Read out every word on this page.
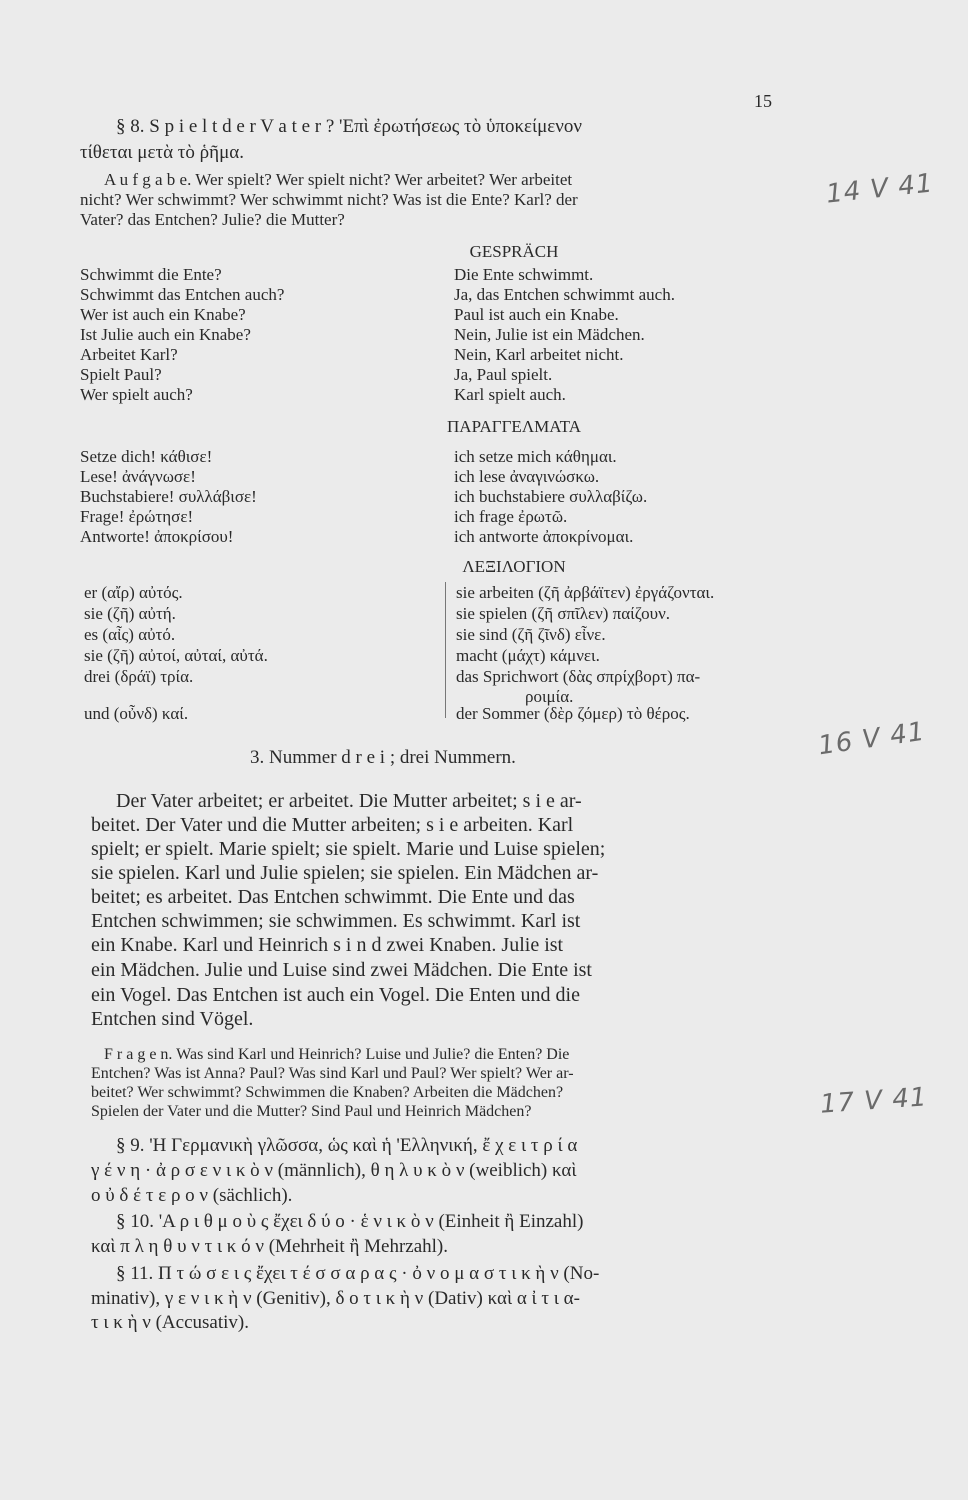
15
§ 8. S p i e l t d e r V a t e r ? 'Επὶ ἐρωτήσεως τὸ ὑποκείμενον
τίθεται μετὰ τὸ ῥῆμα.
A u f g a b e. Wer spielt? Wer spielt nicht? Wer arbeitet? Wer arbeitet
nicht? Wer schwimmt? Wer schwimmt nicht? Was ist die Ente? Karl? der
Vater? das Entchen? Julie? die Mutter?
GESPRÄCH
Schwimmt die Ente?
Schwimmt das Entchen auch?
Wer ist auch ein Knabe?
Ist Julie auch ein Knabe?
Arbeitet Karl?
Spielt Paul?
Wer spielt auch?
Die Ente schwimmt.
Ja, das Entchen schwimmt auch.
Paul ist auch ein Knabe.
Nein, Julie ist ein Mädchen.
Nein, Karl arbeitet nicht.
Ja, Paul spielt.
Karl spielt auch.
ΠΑΡΑΓΓΕΛΜΑΤΑ
Setze dich! κάθισε!
Lese! ἀνάγνωσε!
Buchstabiere! συλλάβισε!
Frage! ἐρώτησε!
Antworte! ἀποκρίσου!
ich setze mich κάθημαι.
ich lese ἀναγινώσκω.
ich buchstabiere συλλαβίζω.
ich frage ἐρωτῶ.
ich antworte ἀποκρίνομαι.
ΛΕΞΙΛΟΓΙΟΝ
er (αἴρ) αὐτός.
sie (ζῆ) αὐτή.
es (αἶς) αὐτό.
sie (ζῆ) αὐτοί, αὐταί, αὐτά.
drei (δράϊ) τρία.
und (οὖνδ) καί.
sie arbeiten (ζῆ ἀρβάϊτεν) ἐργάζονται.
sie spielen (ζῆ σπῖλεν) παίζουν.
sie sind (ζῆ ζῖνδ) εἶνε.
macht (μάχτ) κάμνει.
das Sprichwort (δὰς σπρίχβορτ) πα-
ροιμία.
der Sommer (δὲρ ζόμερ) τὸ θέρος.
3. Nummer d r e i ; drei Nummern.
Der Vater arbeitet; er arbeitet. Die Mutter arbeitet; s i e ar-
beitet. Der Vater und die Mutter arbeiten; s i e arbeiten. Karl
spielt; er spielt. Marie spielt; sie spielt. Marie und Luise spielen;
sie spielen. Karl und Julie spielen; sie spielen. Ein Mädchen ar-
beitet; es arbeitet. Das Entchen schwimmt. Die Ente und das
Entchen schwimmen; sie schwimmen. Es schwimmt. Karl ist
ein Knabe. Karl und Heinrich s i n d zwei Knaben. Julie ist
ein Mädchen. Julie und Luise sind zwei Mädchen. Die Ente ist
ein Vogel. Das Entchen ist auch ein Vogel. Die Enten und die
Entchen sind Vögel.
F r a g e n. Was sind Karl und Heinrich? Luise und Julie? die Enten? Die
Entchen? Was ist Anna? Paul? Was sind Karl und Paul? Wer spielt? Wer ar-
beitet? Wer schwimmt? Schwimmen die Knaben? Arbeiten die Mädchen?
Spielen der Vater und die Mutter? Sind Paul und Heinrich Mädchen?
§ 9. 'Η Γερμανικὴ γλῶσσα, ὡς καὶ ἡ 'Ελληνική, ἔ χ ε ι τ ρ ί α
γ έ ν η · ἀ ρ σ ε ν ι κ ὸ ν (männlich), θ η λ υ κ ὸ ν (weiblich) καὶ
ο ὐ δ έ τ ε ρ ο ν (sächlich).
§ 10. 'Α ρ ι θ μ ο ὺ ς ἔχει δ ύ ο · ἑ ν ι κ ὸ ν (Einheit ἢ Einzahl)
καὶ π λ η θ υ ν τ ι κ ό ν (Mehrheit ἢ Mehrzahl).
§ 11. Π τ ώ σ ε ι ς ἔχει τ έ σ σ α ρ α ς · ὀ ν ο μ α σ τ ι κ ὴ ν (No-
minativ), γ ε ν ι κ ὴ ν (Genitiv), δ ο τ ι κ ὴ ν (Dativ) καὶ α ἰ τ ι α-
τ ι κ ὴ ν (Accusativ).
14 V 41
16 V 41
17 V 41
